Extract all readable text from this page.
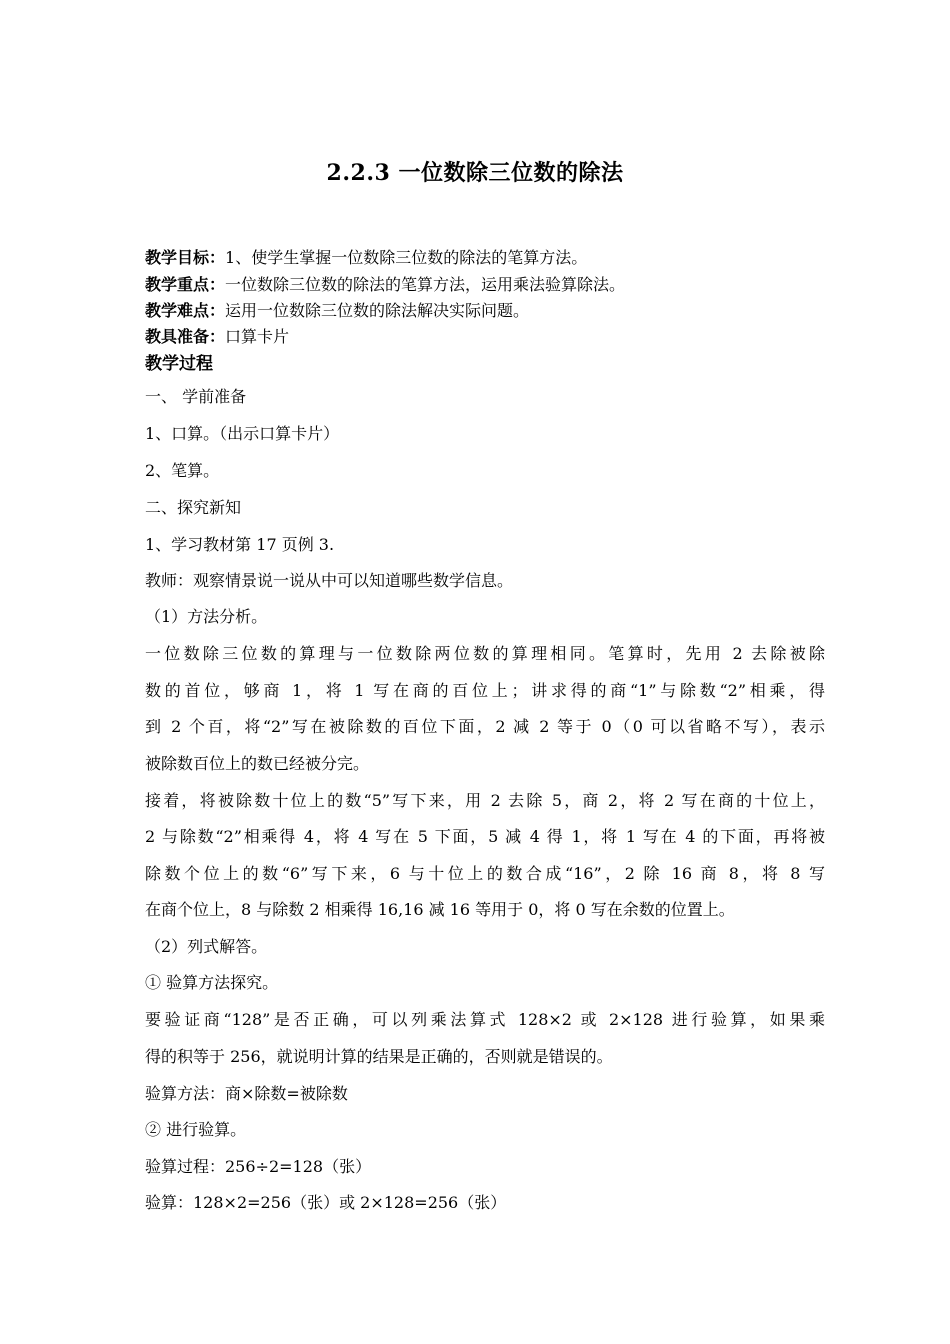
2.2.3 一位数除三位数的除法
教学目标：1、使学生掌握一位数除三位数的除法的笔算方法。
教学重点：一位数除三位数的除法的笔算方法，运用乘法验算除法。
教学难点：运用一位数除三位数的除法解决实际问题。
教具准备：口算卡片
教学过程
一、 学前准备
1、口算。（出示口算卡片）
2、笔算。
二、探究新知
1、学习教材第 17 页例 3.
教师：观察情景说一说从中可以知道哪些数学信息。
（1）方法分析。
一位数除三位数的算理与一位数除两位数的算理相同。笔算时，先用 2 去除被除
数的首位，够商 1，将 1 写在商的百位上；讲求得的商“1”与除数“2”相乘，得
到 2 个百，将“2”写在被除数的百位下面，2 减 2 等于 0（0 可以省略不写），表示
被除数百位上的数已经被分完。
接着，将被除数十位上的数“5”写下来，用 2 去除 5，商 2，将 2 写在商的十位上，
2 与除数“2”相乘得 4，将 4 写在 5 下面，5 减 4 得 1，将 1 写在 4 的下面，再将被
除数个位上的数“6”写下来，6 与十位上的数合成“16”，2 除 16 商 8，将 8 写
在商个位上，8 与除数 2 相乘得 16,16 减 16 等用于 0，将 0 写在余数的位置上。
（2）列式解答。
① 验算方法探究。
要验证商“128”是否正确，可以列乘法算式 128×2 或 2×128 进行验算，如果乘
得的积等于 256，就说明计算的结果是正确的，否则就是错误的。
验算方法：商×除数=被除数
② 进行验算。
验算过程：256÷2=128（张）
验算：128×2=256（张）或 2×128=256（张）
